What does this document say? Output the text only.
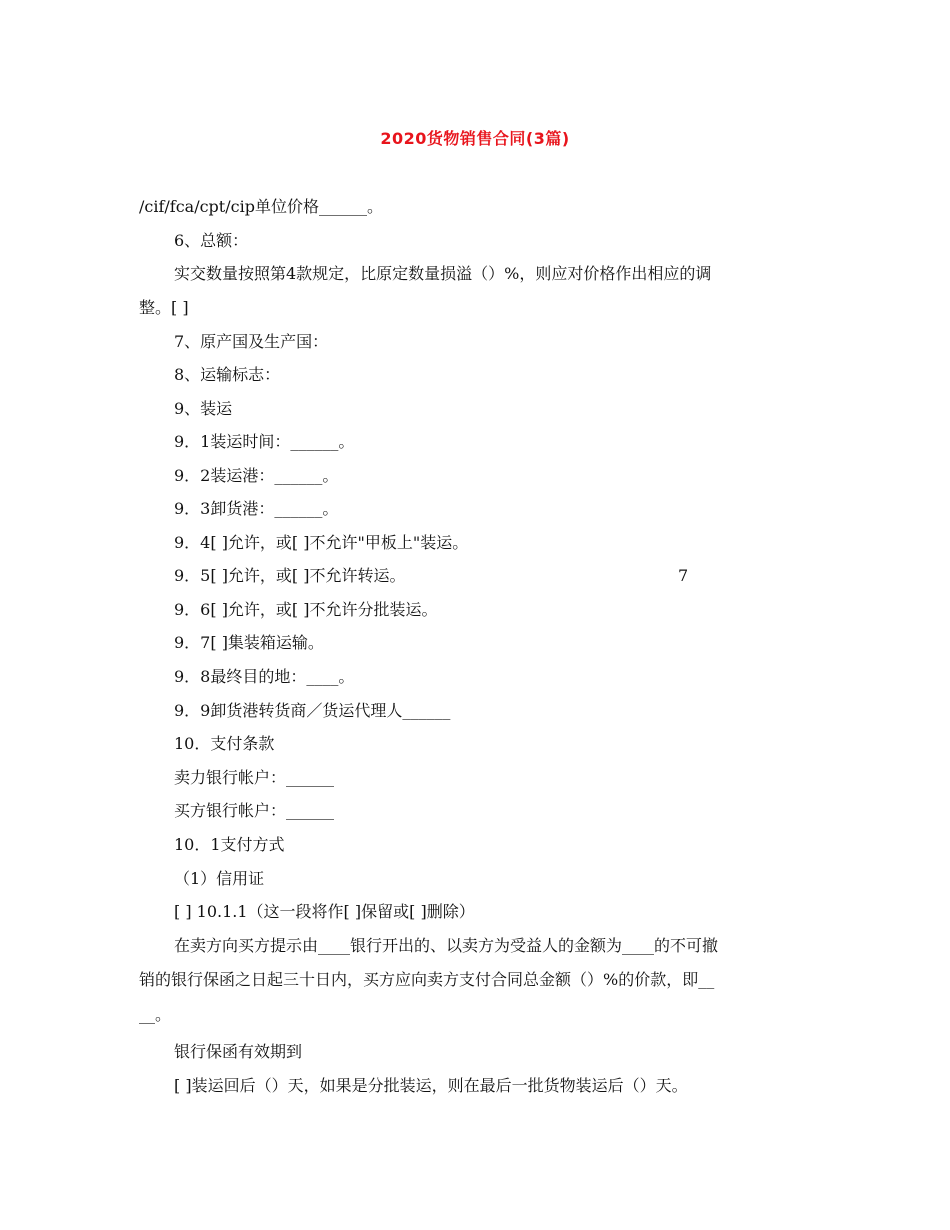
2020货物销售合同(3篇)
/cif/fca/cpt/cip单位价格______。
6、总额：
实交数量按照第4款规定，比原定数量损溢（）%，则应对价格作出相应的调
整。[ ]
7、原产国及生产国：
8、运输标志：
9、装运
9．1装运时间：______。
9．2装运港：______。
9．3卸货港：______。
9．4[ ]允许，或[ ]不允许"甲板上"装运。
9．5[ ]允许，或[ ]不允许转运。	7
9．6[ ]允许，或[ ]不允许分批装运。
9．7[ ]集装箱运输。
9．8最终目的地：____。
9．9卸货港转货商／货运代理人______
10．支付条款
卖力银行帐户：______
买方银行帐户：______
10．1支付方式
（1）信用证
[ ] 10.1.1（这一段将作[ ]保留或[ ]删除）
在卖方向买方提示由____银行开出的、以卖方为受益人的金额为____的不可撤
销的银行保函之日起三十日内，买方应向卖方支付合同总金额（）%的价款，即__
__。
银行保函有效期到
[ ]装运回后（）天，如果是分批装运，则在最后一批货物装运后（）天。
